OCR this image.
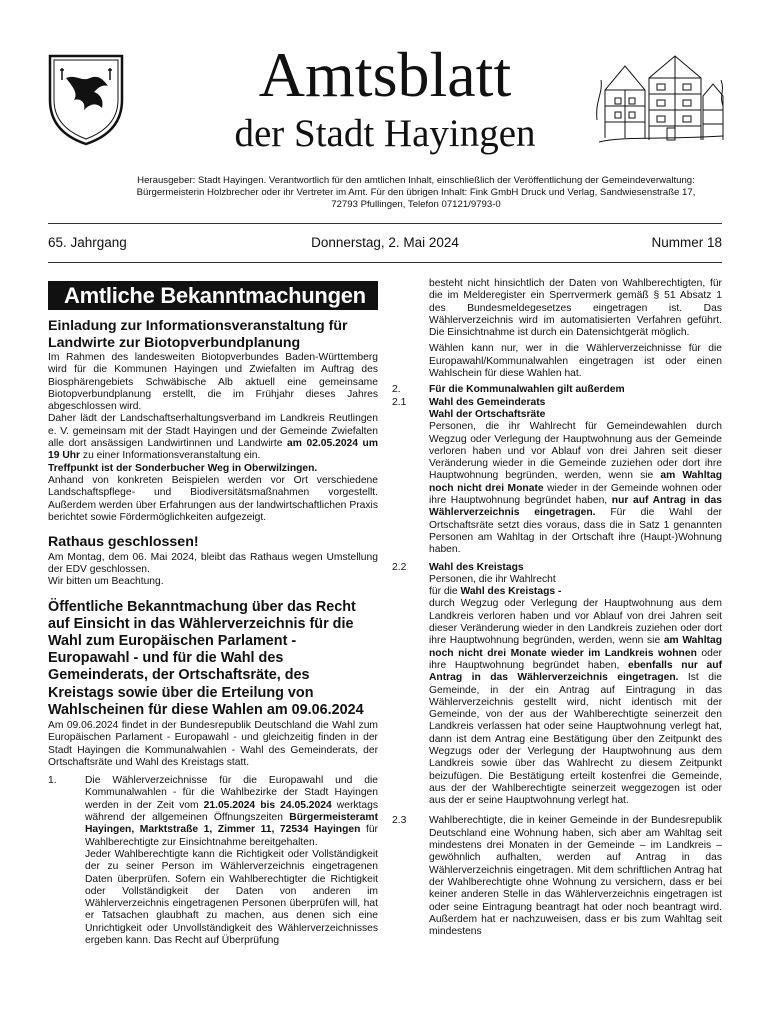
Amtsblatt
der Stadt Hayingen
Herausgeber: Stadt Hayingen. Verantwortlich für den amtlichen Inhalt, einschließlich der Veröffentlichung der Gemeindeverwaltung:
Bürgermeisterin Holzbrecher oder ihr Vertreter im Amt. Für den übrigen Inhalt: Fink GmbH Druck und Verlag, Sandwiesenstraße 17,
72793 Pfullingen, Telefon 07121/9793-0
65. Jahrgang	Donnerstag, 2. Mai 2024	Nummer 18
Amtliche Bekanntmachungen
Einladung zur Informationsveranstaltung für Landwirte zur Biotopverbundplanung

Im Rahmen des landesweiten Biotopverbundes Baden-Württemberg wird für die Kommunen Hayingen und Zwiefalten im Auftrag des Biosphärengebiets Schwäbische Alb aktuell eine gemeinsame Biotopverbundplanung erstellt, die im Frühjahr dieses Jahres abgeschlossen wird.

Daher lädt der Landschaftserhaltungsverband im Landkreis Reutlingen e. V. gemeinsam mit der Stadt Hayingen und der Gemeinde Zwiefalten alle dort ansässigen Landwirtinnen und Landwirte am 02.05.2024 um 19 Uhr zu einer Informationsveranstaltung ein.

Treffpunkt ist der Sonderbucher Weg in Oberwilzingen.

Anhand von konkreten Beispielen werden vor Ort verschiedene Landschaftspflege- und Biodiversitätsmaßnahmen vorgestellt. Außerdem werden über Erfahrungen aus der landwirtschaftlichen Praxis berichtet sowie Fördermöglichkeiten aufgezeigt.

Rathaus geschlossen!

Am Montag, dem 06. Mai 2024, bleibt das Rathaus wegen Umstellung der EDV geschlossen.

Wir bitten um Beachtung.

Öffentliche Bekanntmachung über das Recht auf Einsicht in das Wählerverzeichnis für die Wahl zum Europäischen Parlament - Europawahl - und für die Wahl des Gemeinderats, der Ortschaftsräte, des Kreistags sowie über die Erteilung von Wahlscheinen für diese Wahlen am 09.06.2024

Am 09.06.2024 findet in der Bundesrepublik Deutschland die Wahl zum Europäischen Parlament - Europawahl - und gleichzeitig finden in der Stadt Hayingen die Kommunalwahlen - Wahl des Gemeinderats, der Ortschaftsräte und Wahl des Kreistags statt.

1.	Die Wählerverzeichnisse für die Europawahl und die Kommunalwahlen - für die Wahlbezirke der Stadt Hayingen werden in der Zeit vom 21.05.2024 bis 24.05.2024 werktags während der allgemeinen Öffnungszeiten Bürgermeisteramt Hayingen, Marktstraße 1, Zimmer 11, 72534 Hayingen für Wahlberechtigte zur Einsichtnahme bereitgehalten.

Jeder Wahlberechtigte kann die Richtigkeit oder Vollständigkeit der zu seiner Person im Wählerverzeichnis eingetragenen Daten überprüfen. Sofern ein Wahlberechtigter die Richtigkeit oder Vollständigkeit der Daten von anderen im Wählerverzeichnis eingetragenen Personen überprüfen will, hat er Tatsachen glaubhaft zu machen, aus denen sich eine Unrichtigkeit oder Unvollständigkeit des Wählerverzeichnisses ergeben kann. Das Recht auf Überprüfung

besteht nicht hinsichtlich der Daten von Wahlberechtigten, für die im Melderegister ein Sperrvermerk gemäß § 51 Absatz 1 des Bundesmeldegesetzes eingetragen ist. Das Wählerverzeichnis wird im automatisierten Verfahren geführt. Die Einsichtnahme ist durch ein Datensichtgerät möglich.

Wählen kann nur, wer in die Wählerverzeichnisse für die Europawahl/Kommunalwahlen eingetragen ist oder einen Wahlschein für diese Wahlen hat.

2.	Für die Kommunalwahlen gilt außerdem
2.1	Wahl des Gemeinderats
Wahl der Ortschaftsräte

Personen, die ihr Wahlrecht für Gemeindewahlen durch Wegzug oder Verlegung der Hauptwohnung aus der Gemeinde verloren haben und vor Ablauf von drei Jahren seit dieser Veränderung wieder in die Gemeinde zuziehen oder dort ihre Hauptwohnung begründen, werden, wenn sie am Wahltag noch nicht drei Monate wieder in der Gemeinde wohnen oder ihre Hauptwohnung begründet haben, nur auf Antrag in das Wählerverzeichnis eingetragen. Für die Wahl der Ortschaftsräte setzt dies voraus, dass die in Satz 1 genannten Personen am Wahltag in der Ortschaft ihre (Haupt-)Wohnung haben.

2.2	Wahl des Kreistags
Personen, die ihr Wahlrecht
für die Wahl des Kreistags -

durch Wegzug oder Verlegung der Hauptwohnung aus dem Landkreis verloren haben und vor Ablauf von drei Jahren seit dieser Veränderung wieder in den Landkreis zuziehen oder dort ihre Hauptwohnung begründen, werden, wenn sie am Wahltag noch nicht drei Monate wieder im Landkreis wohnen oder ihre Hauptwohnung begründet haben, ebenfalls nur auf Antrag in das Wählerverzeichnis eingetragen. Ist die Gemeinde, in der ein Antrag auf Eintragung in das Wählerverzeichnis gestellt wird, nicht identisch mit der Gemeinde, von der aus der Wahlberechtigte seinerzeit den Landkreis verlassen hat oder seine Hauptwohnung verlegt hat, dann ist dem Antrag eine Bestätigung über den Zeitpunkt des Wegzugs oder der Verlegung der Hauptwohnung aus dem Landkreis sowie über das Wahlrecht zu diesem Zeitpunkt beizufügen. Die Bestätigung erteilt kostenfrei die Gemeinde, aus der der Wahlberechtigte seinerzeit weggezogen ist oder aus der er seine Hauptwohnung verlegt hat.

2.3	Wahlberechtigte, die in keiner Gemeinde in der Bundesrepublik Deutschland eine Wohnung haben, sich aber am Wahltag seit mindestens drei Monaten in der Gemeinde – im Landkreis – gewöhnlich aufhalten, werden auf Antrag in das Wählerverzeichnis eingetragen. Mit dem schriftlichen Antrag hat der Wahlberechtigte ohne Wohnung zu versichern, dass er bei keiner anderen Stelle in das Wählerverzeichnis eingetragen ist oder seine Eintragung beantragt hat oder noch beantragt wird. Außerdem hat er nachzuweisen, dass er bis zum Wahltag seit mindestens
